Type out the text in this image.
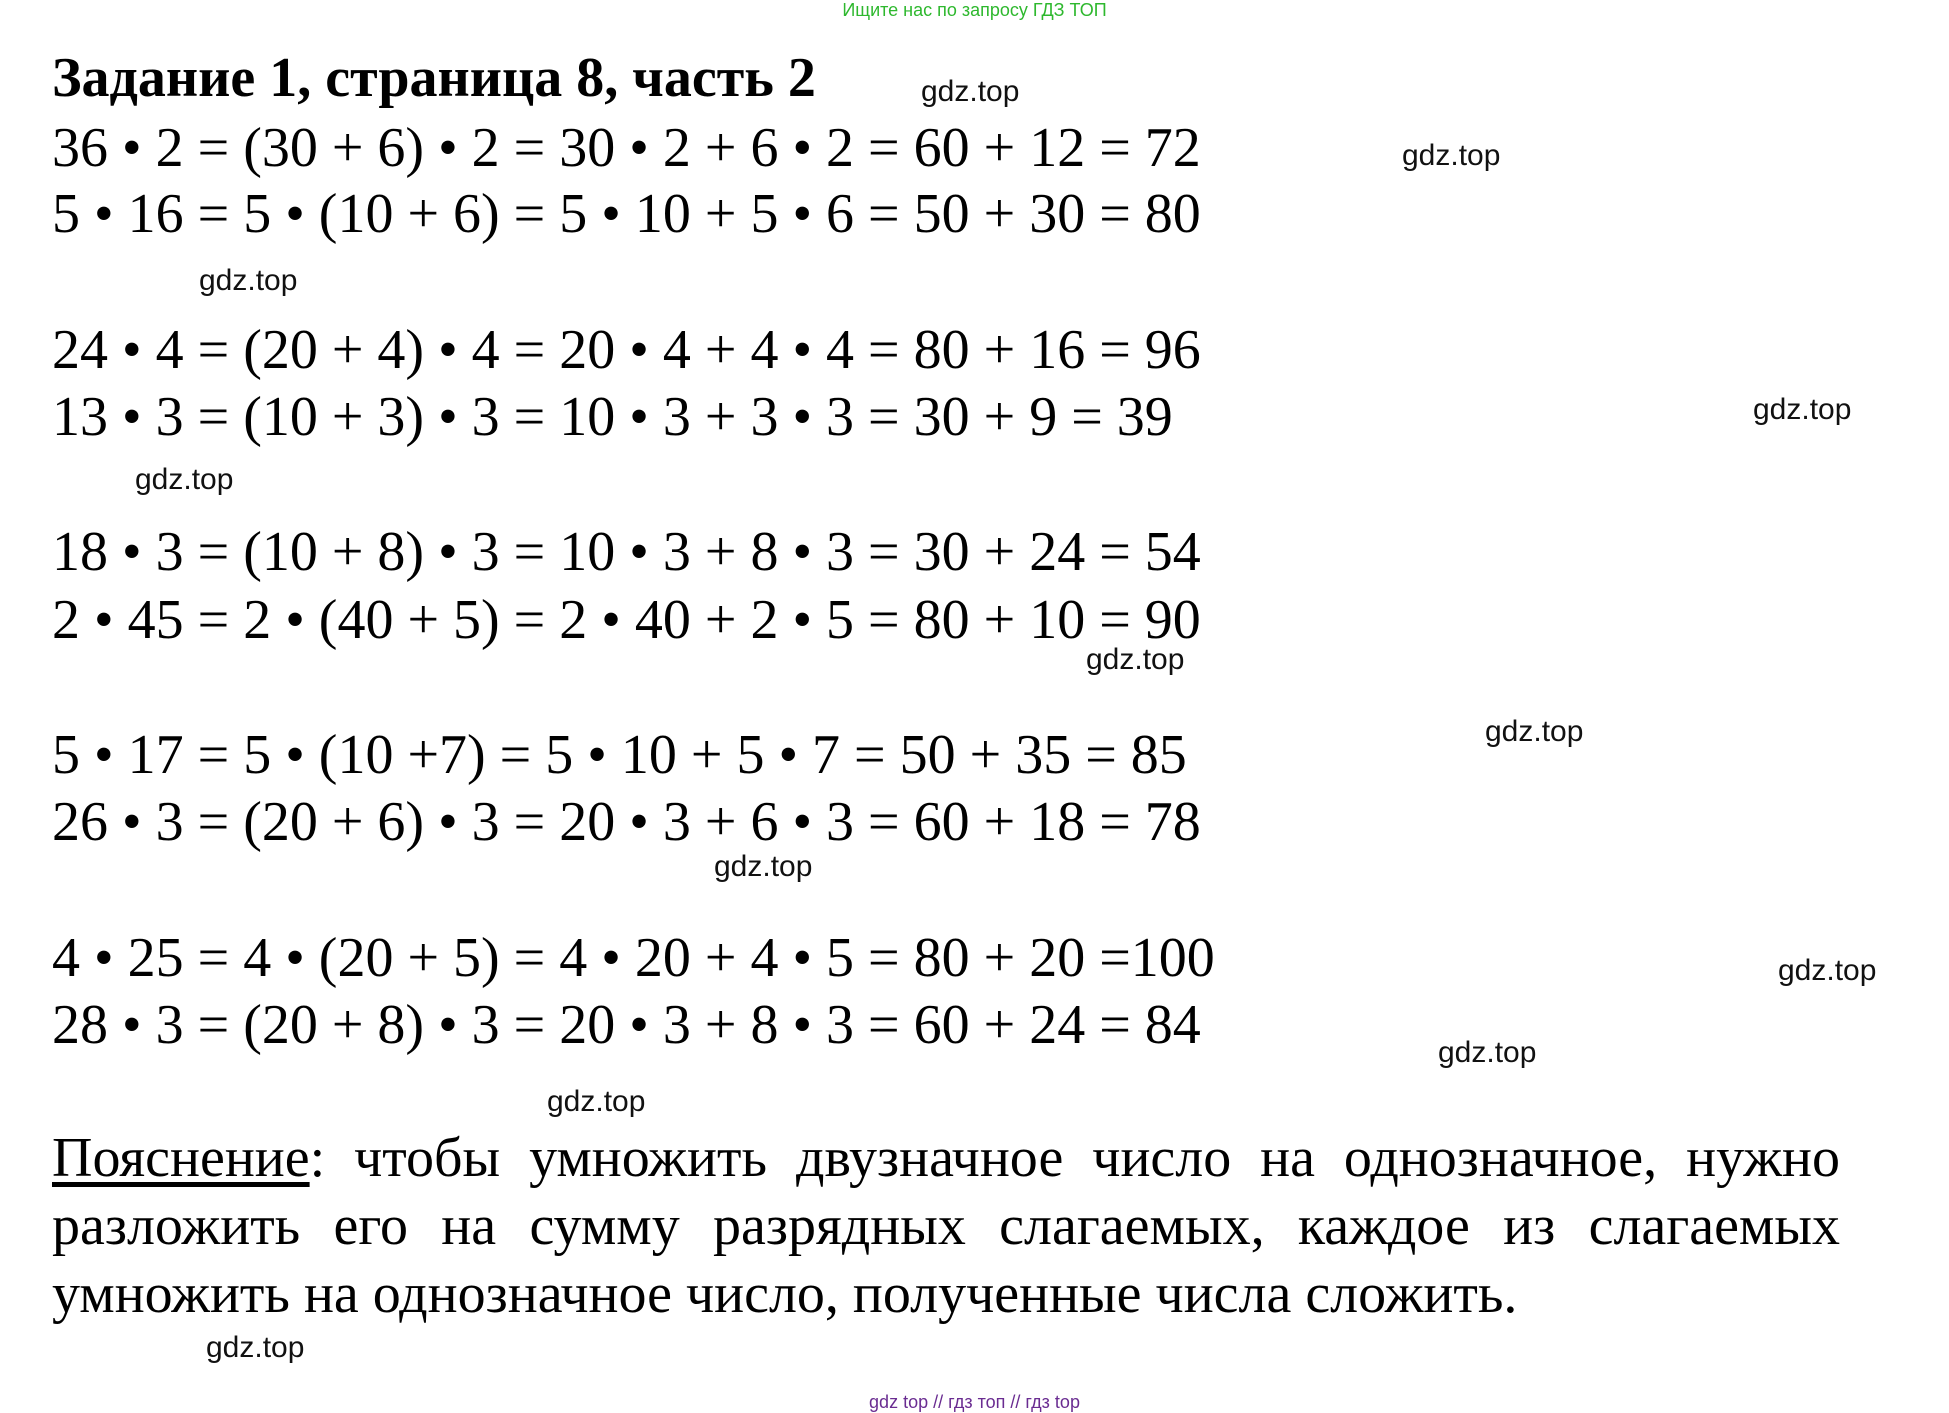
Ищите нас по запросу ГДЗ ТОП
Задание 1, страница 8, часть 2
36 • 2 = (30 + 6) • 2 = 30 • 2 + 6 • 2 = 60 + 12 = 72
5 • 16 = 5 • (10 + 6) = 5 • 10 + 5 • 6 = 50 + 30 = 80
24 • 4 = (20 + 4) • 4 = 20 • 4 + 4 • 4 = 80 + 16 = 96
13 • 3 = (10 + 3) • 3 = 10 • 3 + 3 • 3 = 30 + 9 = 39
18 • 3 = (10 + 8) • 3 = 10 • 3 + 8 • 3 = 30 + 24 = 54
2 • 45 = 2 • (40 + 5) = 2 • 40 + 2 • 5 = 80 + 10 = 90
5 • 17 = 5 • (10 +7) = 5 • 10 + 5 • 7 = 50 + 35 = 85
26 • 3 = (20 + 6) • 3 = 20 • 3 + 6 • 3 = 60 + 18 = 78
4 • 25 = 4 • (20 + 5) = 4 • 20 + 4 • 5 = 80 + 20 =100
28 • 3 = (20 + 8) • 3 = 20 • 3 + 8 • 3 = 60 + 24 = 84
gdz.top
gdz.top
gdz.top
gdz.top
gdz.top
gdz.top
gdz.top
gdz.top
gdz.top
gdz.top
gdz.top
gdz.top
Пояснение: чтобы умножить двузначное число на однозначное, нужно
разложить его на сумму разрядных слагаемых, каждое из слагаемых
умножить на однозначное число, полученные числа сложить.
gdz top // гдз топ // гдз top
